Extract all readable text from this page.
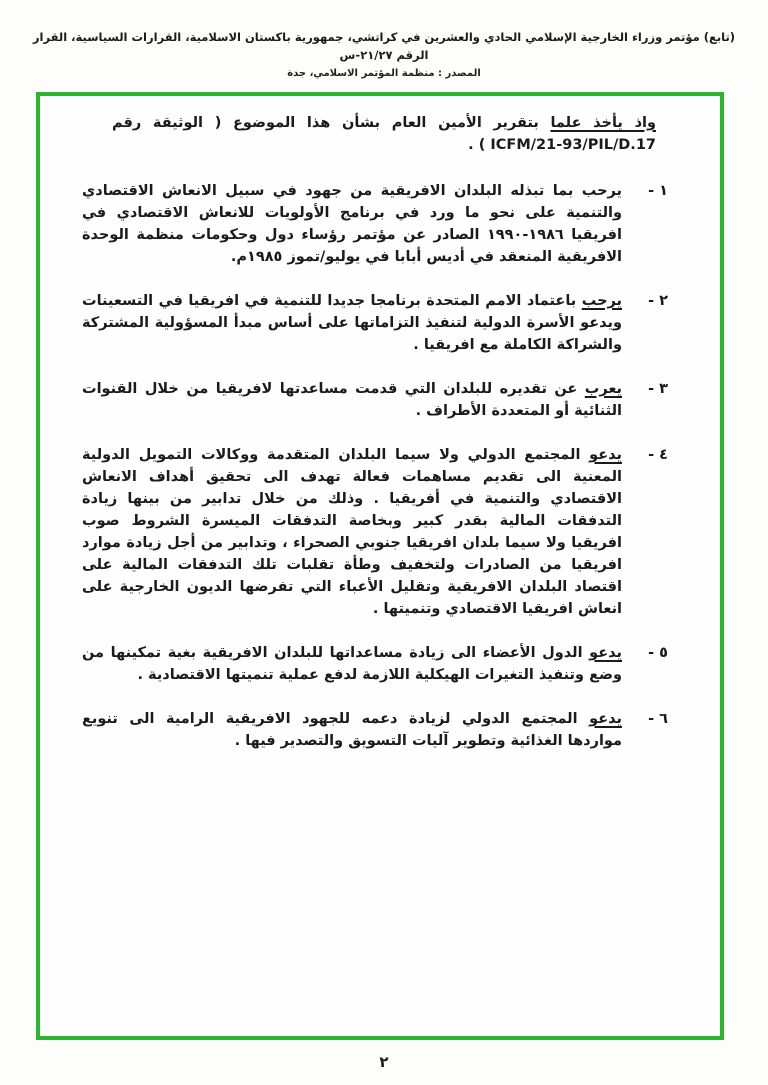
(تابع) مؤتمر وزراء الخارجية الإسلامي الحادي والعشرين في كراتشي، جمهورية باكستان الاسلامية، القرارات السياسية، القرار الرقم ٢١/٢٧-س
المصدر : منظمة المؤتمر الاسلامي، جدة

واذ يأخذ علما بتقرير الأمين العام بشأن هذا الموضوع ( الوثيقة رقم ICFM/21-93/PIL/D.17 ) .

١ -
يرحب بما تبذله البلدان الافريقية من جهود في سبيل الانعاش الاقتصادي والتنمية على نحو ما ورد في برنامج الأولويات للانعاش الاقتصادي في افريقيا ١٩٨٦-١٩٩٠ الصادر عن مؤتمر رؤساء دول وحكومات منظمة الوحدة الافريقية المنعقد في أديس أبابا في يوليو/تموز ١٩٨٥م.
٢ -
يرحب باعتماد الامم المتحدة برنامجا جديدا للتنمية في افريقيا في التسعينات ويدعو الأسرة الدولية لتنفيذ التزاماتها على أساس مبدأ المسؤولية المشتركة والشراكة الكاملة مع افريقيا .
٣ -
يعرب عن تقديره للبلدان التي قدمت مساعدتها لافريقيا من خلال القنوات الثنائية أو المتعددة الأطراف .
٤ -
يدعو المجتمع الدولي ولا سيما البلدان المتقدمة ووكالات التمويل الدولية المعنية الى تقديم مساهمات فعالة تهدف الى تحقيق أهداف الانعاش الاقتصادي والتنمية في أفريقيا . وذلك من خلال تدابير من بينها زيادة التدفقات المالية بقدر كبير وبخاصة التدفقات الميسرة الشروط صوب افريقيا ولا سيما بلدان افريقيا جنوبي الصحراء ، وتدابير من أجل زيادة موارد افريقيا من الصادرات ولتخفيف وطأة تقلبات تلك التدفقات المالية على اقتصاد البلدان الافريقية وتقليل الأعباء التي تفرضها الديون الخارجية على انعاش افريقيا الاقتصادي وتنميتها .
٥ -
يدعو الدول الأعضاء الى زيادة مساعداتها للبلدان الافريقية بغية تمكينها من وضع وتنفيذ التغيرات الهيكلية اللازمة لدفع عملية تنميتها الاقتصادية .
٦ -
يدعو المجتمع الدولي لزيادة دعمه للجهود الافريقية الرامية الى تنويع مواردها الغذائية وتطوير آليات التسويق والتصدير فيها .
٢
